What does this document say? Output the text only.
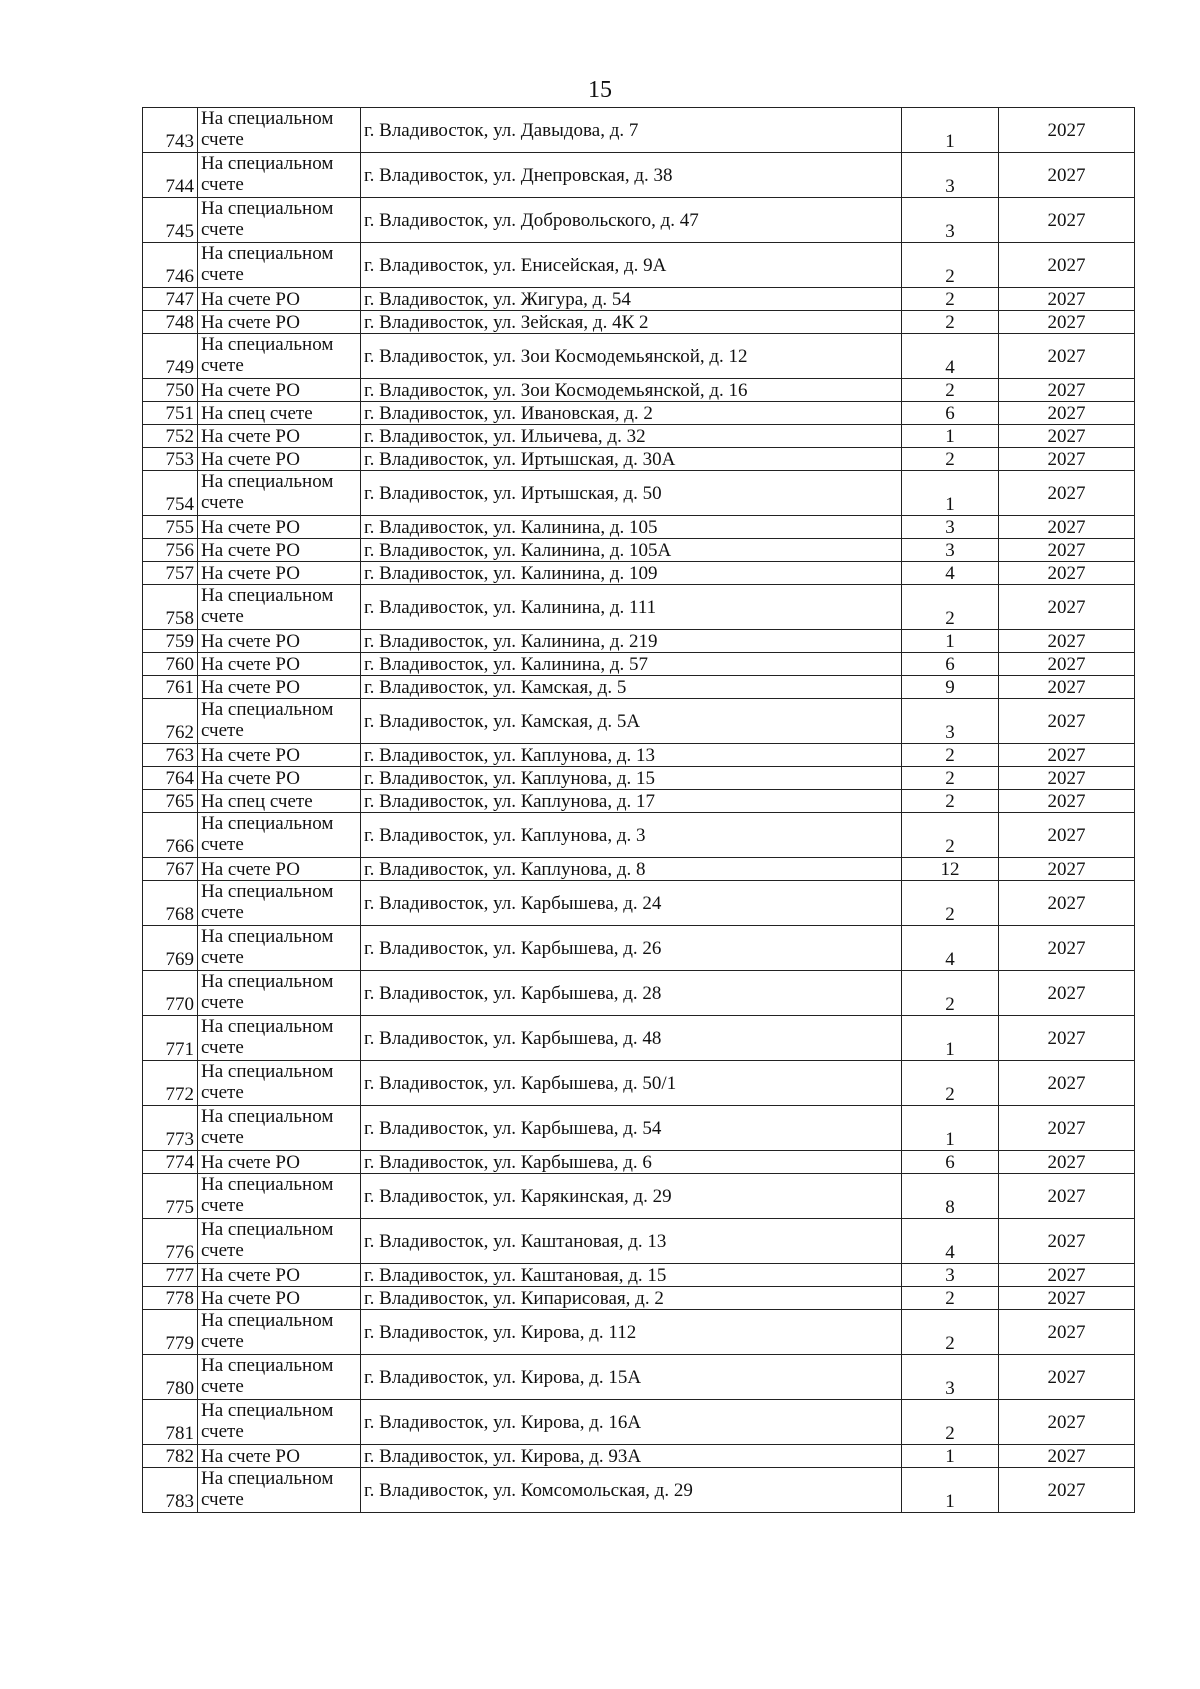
15
743	На специальном счете	г. Владивосток, ул. Давыдова, д. 7	1	2027
744	На специальном счете	г. Владивосток, ул. Днепровская, д. 38	3	2027
745	На специальном счете	г. Владивосток, ул. Добровольского, д. 47	3	2027
746	На специальном счете	г. Владивосток, ул. Енисейская, д. 9А	2	2027
747	На счете РО	г. Владивосток, ул. Жигура, д. 54	2	2027
748	На счете РО	г. Владивосток, ул. Зейская, д. 4К 2	2	2027
749	На специальном счете	г. Владивосток, ул. Зои Космодемьянской, д. 12	4	2027
750	На счете РО	г. Владивосток, ул. Зои Космодемьянской, д. 16	2	2027
751	На спец счете	г. Владивосток, ул. Ивановская, д. 2	6	2027
752	На счете РО	г. Владивосток, ул. Ильичева, д. 32	1	2027
753	На счете РО	г. Владивосток, ул. Иртышская, д. 30А	2	2027
754	На специальном счете	г. Владивосток, ул. Иртышская, д. 50	1	2027
755	На счете РО	г. Владивосток, ул. Калинина, д. 105	3	2027
756	На счете РО	г. Владивосток, ул. Калинина, д. 105А	3	2027
757	На счете РО	г. Владивосток, ул. Калинина, д. 109	4	2027
758	На специальном счете	г. Владивосток, ул. Калинина, д. 111	2	2027
759	На счете РО	г. Владивосток, ул. Калинина, д. 219	1	2027
760	На счете РО	г. Владивосток, ул. Калинина, д. 57	6	2027
761	На счете РО	г. Владивосток, ул. Камская, д. 5	9	2027
762	На специальном счете	г. Владивосток, ул. Камская, д. 5А	3	2027
763	На счете РО	г. Владивосток, ул. Каплунова, д. 13	2	2027
764	На счете РО	г. Владивосток, ул. Каплунова, д. 15	2	2027
765	На спец счете	г. Владивосток, ул. Каплунова, д. 17	2	2027
766	На специальном счете	г. Владивосток, ул. Каплунова, д. 3	2	2027
767	На счете РО	г. Владивосток, ул. Каплунова, д. 8	12	2027
768	На специальном счете	г. Владивосток, ул. Карбышева, д. 24	2	2027
769	На специальном счете	г. Владивосток, ул. Карбышева, д. 26	4	2027
770	На специальном счете	г. Владивосток, ул. Карбышева, д. 28	2	2027
771	На специальном счете	г. Владивосток, ул. Карбышева, д. 48	1	2027
772	На специальном счете	г. Владивосток, ул. Карбышева, д. 50/1	2	2027
773	На специальном счете	г. Владивосток, ул. Карбышева, д. 54	1	2027
774	На счете РО	г. Владивосток, ул. Карбышева, д. 6	6	2027
775	На специальном счете	г. Владивосток, ул. Карякинская, д. 29	8	2027
776	На специальном счете	г. Владивосток, ул. Каштановая, д. 13	4	2027
777	На счете РО	г. Владивосток, ул. Каштановая, д. 15	3	2027
778	На счете РО	г. Владивосток, ул. Кипарисовая, д. 2	2	2027
779	На специальном счете	г. Владивосток, ул. Кирова, д. 112	2	2027
780	На специальном счете	г. Владивосток, ул. Кирова, д. 15А	3	2027
781	На специальном счете	г. Владивосток, ул. Кирова, д. 16А	2	2027
782	На счете РО	г. Владивосток, ул. Кирова, д. 93А	1	2027
783	На специальном счете	г. Владивосток, ул. Комсомольская, д. 29	1	2027
